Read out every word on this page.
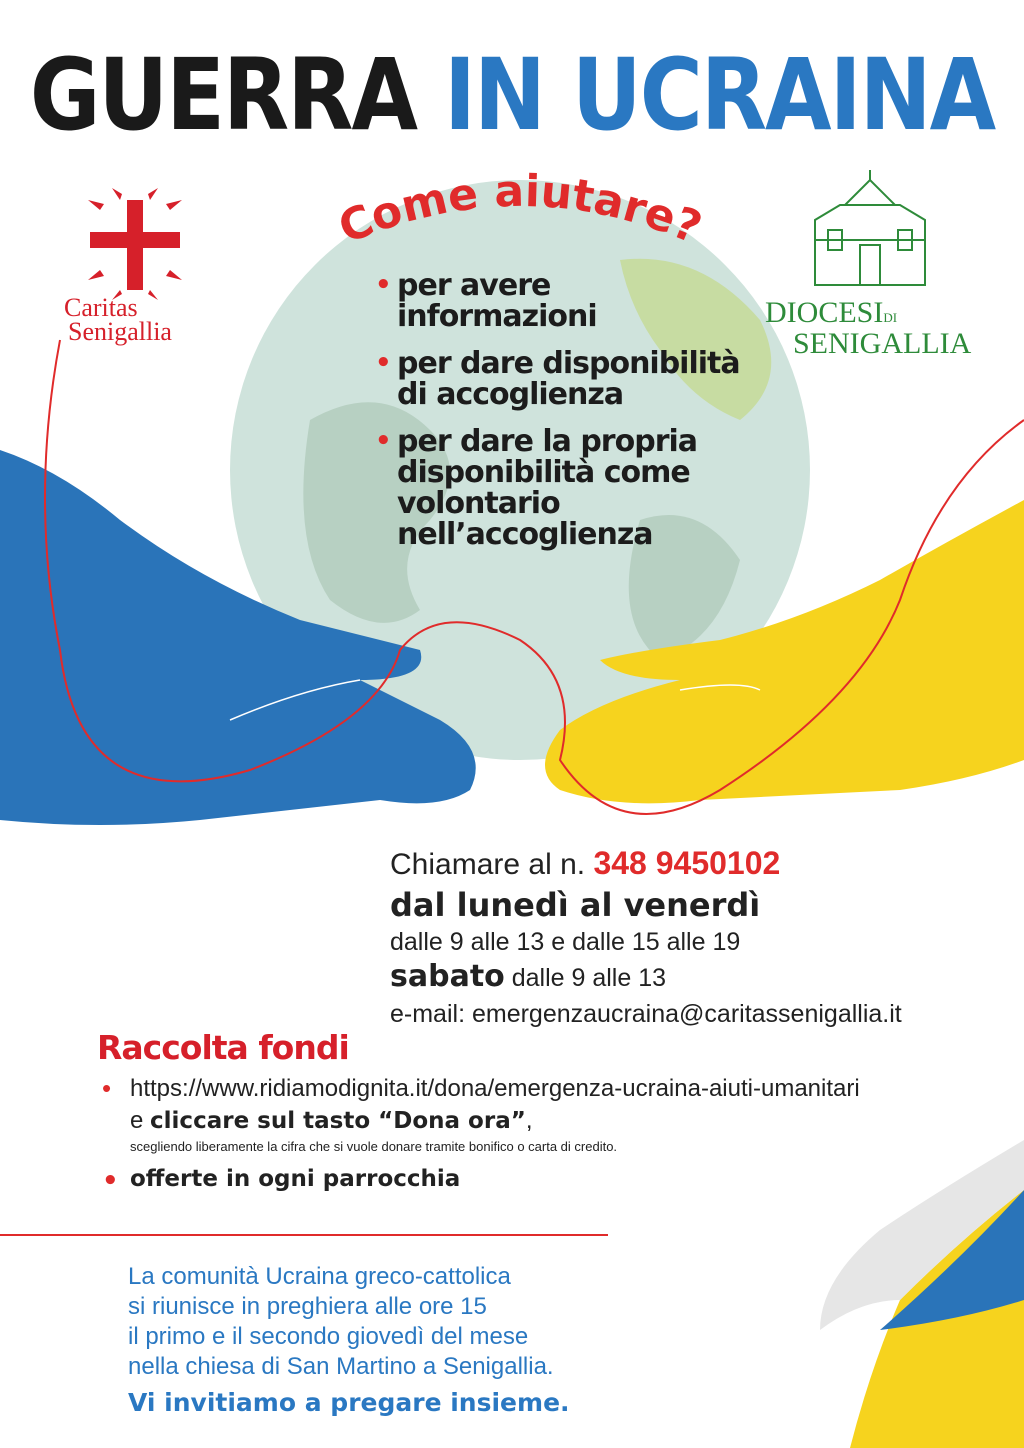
Come aiutare?
GUERRA IN UCRAINA
Caritas
Senigallia
DIOCESIDI
SENIGALLIA
• per avere informazioni
• per dare disponibilità di accoglienza
• per dare la propria disponibilità come volontario nell’accoglienza
Chiamare al n. 348 9450102
dal lunedì al venerdì
dalle 9 alle 13 e dalle 15 alle 19
sabato dalle 9 alle 13
e-mail: emergenzaucraina@caritassenigallia.it
Raccolta fondi
• https://www.ridiamodignita.it/dona/emergenza-ucraina-aiuti-umanitari
e cliccare sul tasto “Dona ora”,
scegliendo liberamente la cifra che si vuole donare tramite bonifico o carta di credito.
• offerte in ogni parrocchia
La comunità Ucraina greco-cattolica
si riunisce in preghiera alle ore 15
il primo e il secondo giovedì del mese
nella chiesa di San Martino a Senigallia.
Vi invitiamo a pregare insieme.
